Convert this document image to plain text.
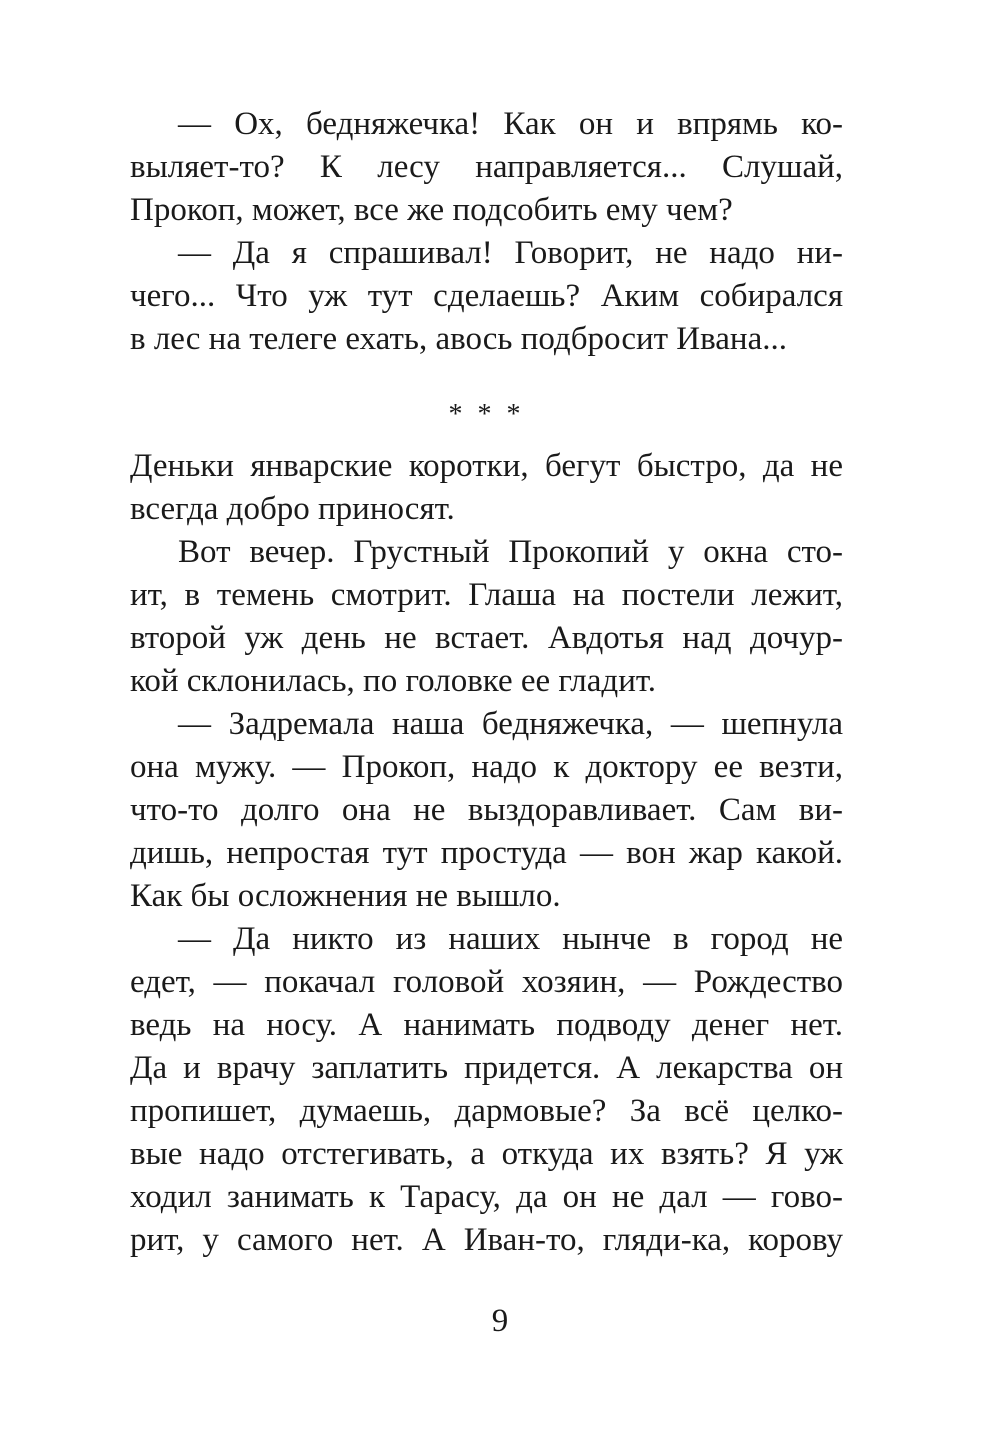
— Ох, бедняжечка! Как он и впрямь ко-
выляет-то? К лесу направляется... Слушай,
Прокоп, может, все же подсобить ему чем?
— Да я спрашивал! Говорит, не надо ни-
чего... Что уж тут сделаешь? Аким собирался
в лес на телеге ехать, авось подбросит Ивана...
* * *
Деньки январские коротки, бегут быстро, да не
всегда добро приносят.
Вот вечер. Грустный Прокопий у окна сто-
ит, в темень смотрит. Глаша на постели лежит,
второй уж день не встает. Авдотья над дочур-
кой склонилась, по головке ее гладит.
— Задремала наша бедняжечка, — шепнула
она мужу. — Прокоп, надо к доктору ее везти,
что-то долго она не выздоравливает. Сам ви-
дишь, непростая тут простуда — вон жар какой.
Как бы осложнения не вышло.
— Да никто из наших нынче в город не
едет, — покачал головой хозяин, — Рождество
ведь на носу. А нанимать подводу денег нет.
Да и врачу заплатить придется. А лекарства он
пропишет, думаешь, дармовые? За всё целко-
вые надо отстегивать, а откуда их взять? Я уж
ходил занимать к Тарасу, да он не дал — гово-
рит, у самого нет. А Иван-то, гляди-ка, корову
9
